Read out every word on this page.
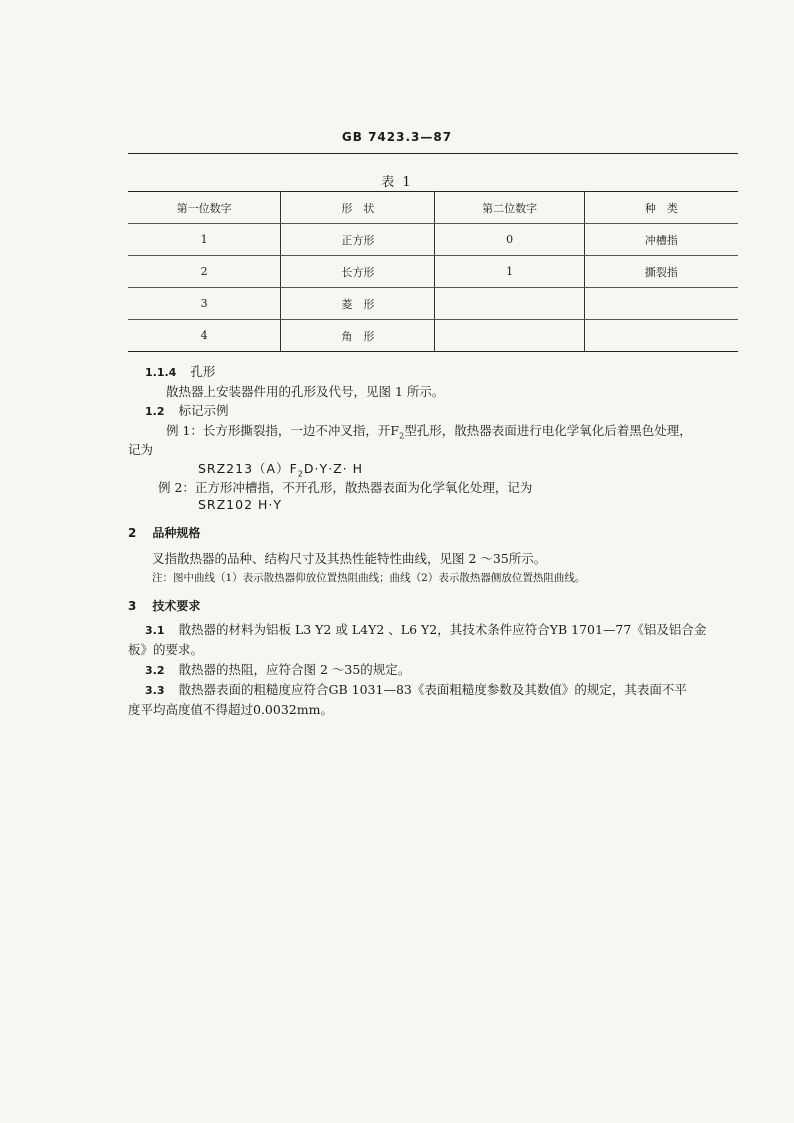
GB 7423.3—87
表 1
第一位数字	形　状	第二位数字	种　类
1	正方形	0	冲槽指
2	长方形	1	撕裂指
3	菱　形		
4	角　形		
1.1.4 孔形
散热器上安装器件用的孔形及代号，见图 1 所示。
1.2 标记示例
例 1：长方形撕裂指，一边不冲叉指，开$F_2$型孔形，散热器表面进行电化学氧化后着黑色处理，
记为
$SRZ213(A)F_2D\cdot Y\cdot Z\cdot H$
例 2：正方形冲槽指，不开孔形，散热器表面为化学氧化处理，记为
SRZ102 H·Y
2 品种规格
叉指散热器的品种、结构尺寸及其热性能特性曲线，见图 2 ～35所示。
注：图中曲线（1）表示散热器仰放位置热阻曲线；曲线（2）表示散热器侧放位置热阻曲线。
3 技术要求
3.1 散热器的材料为铝板 L3 Y2 或 L4Y2 、L6 Y2，其技术条件应符合YB 1701—77《铝及铝合金
板》的要求。
3.2 散热器的热阻，应符合图 2 ～35的规定。
3.3 散热器表面的粗糙度应符合GB 1031—83《表面粗糙度参数及其数值》的规定，其表面不平
度平均高度值不得超过0.0032mm。
